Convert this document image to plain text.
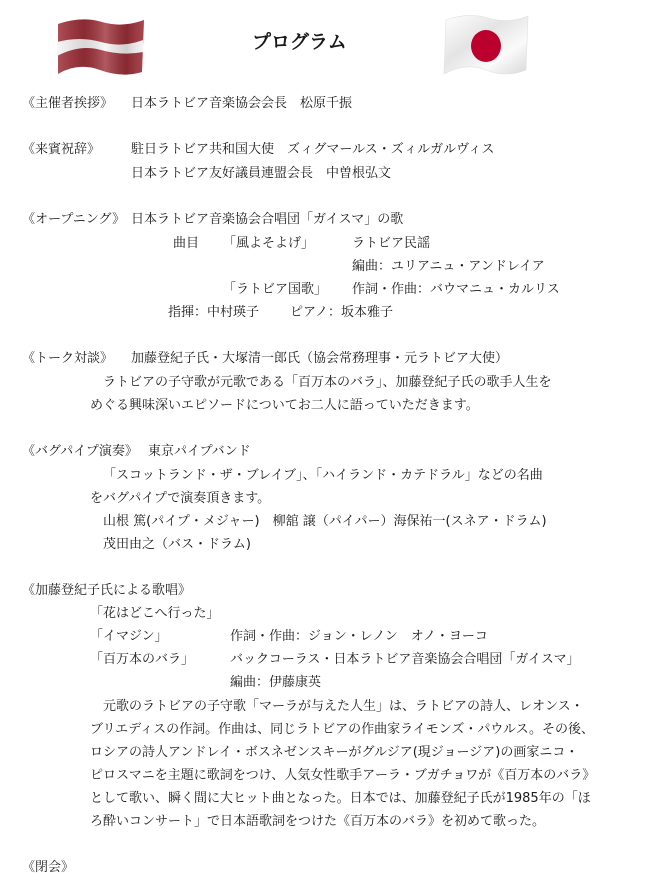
プログラム
《主催者挨拶》 日本ラトビア音楽協会会長　松原千振
《来賓祝辞》 駐日ラトビア共和国大使　ズィグマールス・ズィルガルヴィス
日本ラトビア友好議員連盟会長　中曽根弘文
《オープニング》 日本ラトビア音楽協会合唱団「ガイスマ」の歌
曲目 「風よそよげ」	ラトビア民謡
編曲：ユリアニュ・アンドレイア
「ラトビア国歌」 作詞・作曲：バウマニュ・カルリス
指揮：中村瑛子 ピアノ：坂本雅子
《トーク対談》 加藤登紀子氏・大塚清一郎氏（協会常務理事・元ラトビア大使）
ラトビアの子守歌が元歌である「百万本のバラ」、加藤登紀子氏の歌手人生を
めぐる興味深いエピソードについてお二人に語っていただきます。
《バグパイプ演奏》 東京パイプバンド
「スコットランド・ザ・ブレイブ」、「ハイランド・カテドラル」などの名曲
をバグパイプで演奏頂きます。
山根 篤(パイプ・メジャー)　柳舘 譲（パイパー）海保祐一(スネア・ドラム)
茂田由之（バス・ドラム)
《加藤登紀子氏による歌唱》
「花はどこへ行った」
「イマジン」	作詞・作曲：ジョン・レノン　オノ・ヨーコ
「百万本のバラ」	バックコーラス・日本ラトビア音楽協会合唱団「ガイスマ」
編曲：伊藤康英
元歌のラトビアの子守歌「マーラが与えた人生」は、ラトビアの詩人、レオンス・
ブリエディスの作詞。作曲は、同じラトビアの作曲家ライモンズ・パウルス。その後、
ロシアの詩人アンドレイ・ボスネゼンスキーがグルジア(現ジョージア)の画家ニコ・
ピロスマニを主題に歌詞をつけ、人気女性歌手アーラ・ブガチョワが《百万本のバラ》
として歌い、瞬く間に大ヒット曲となった。日本では、加藤登紀子氏が1985年の「ほ
ろ酔いコンサート」で日本語歌詞をつけた《百万本のバラ》を初めて歌った。
《閉会》
